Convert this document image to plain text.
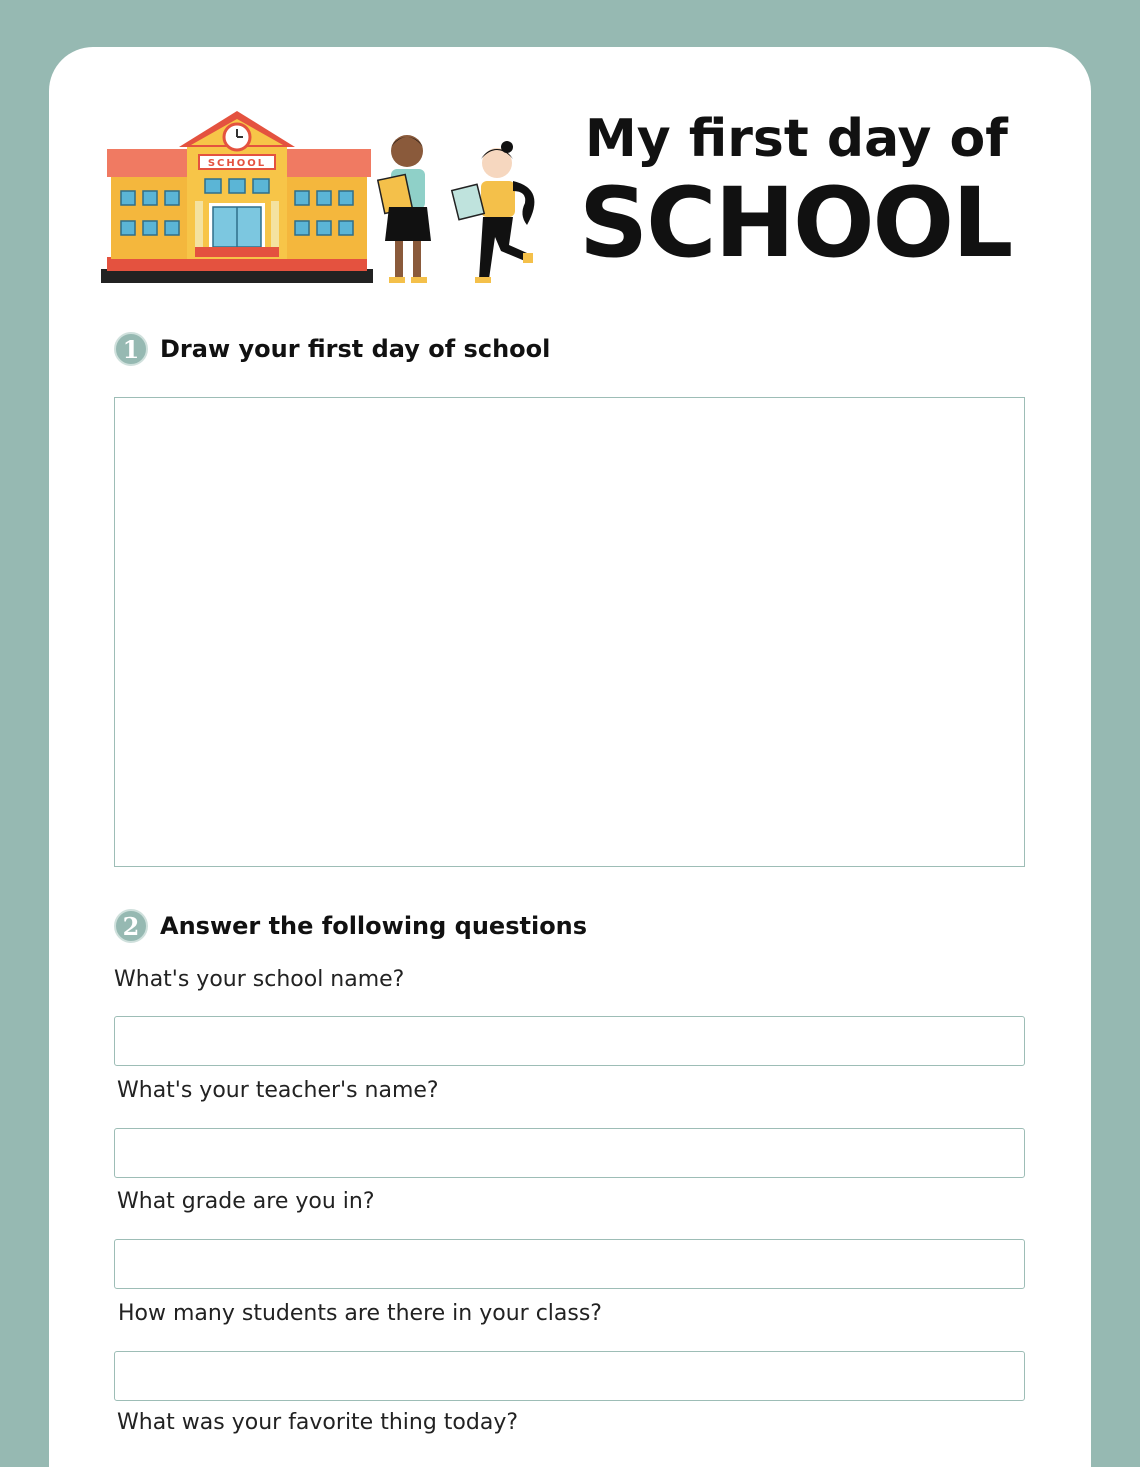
SCHOOL	My first day of
SCHOOL
1 Draw your first day of school
2 Answer the following questions
What's your school name?
What's your teacher's name?
What grade are you in?
How many students are there in your class?
What was your favorite thing today?
